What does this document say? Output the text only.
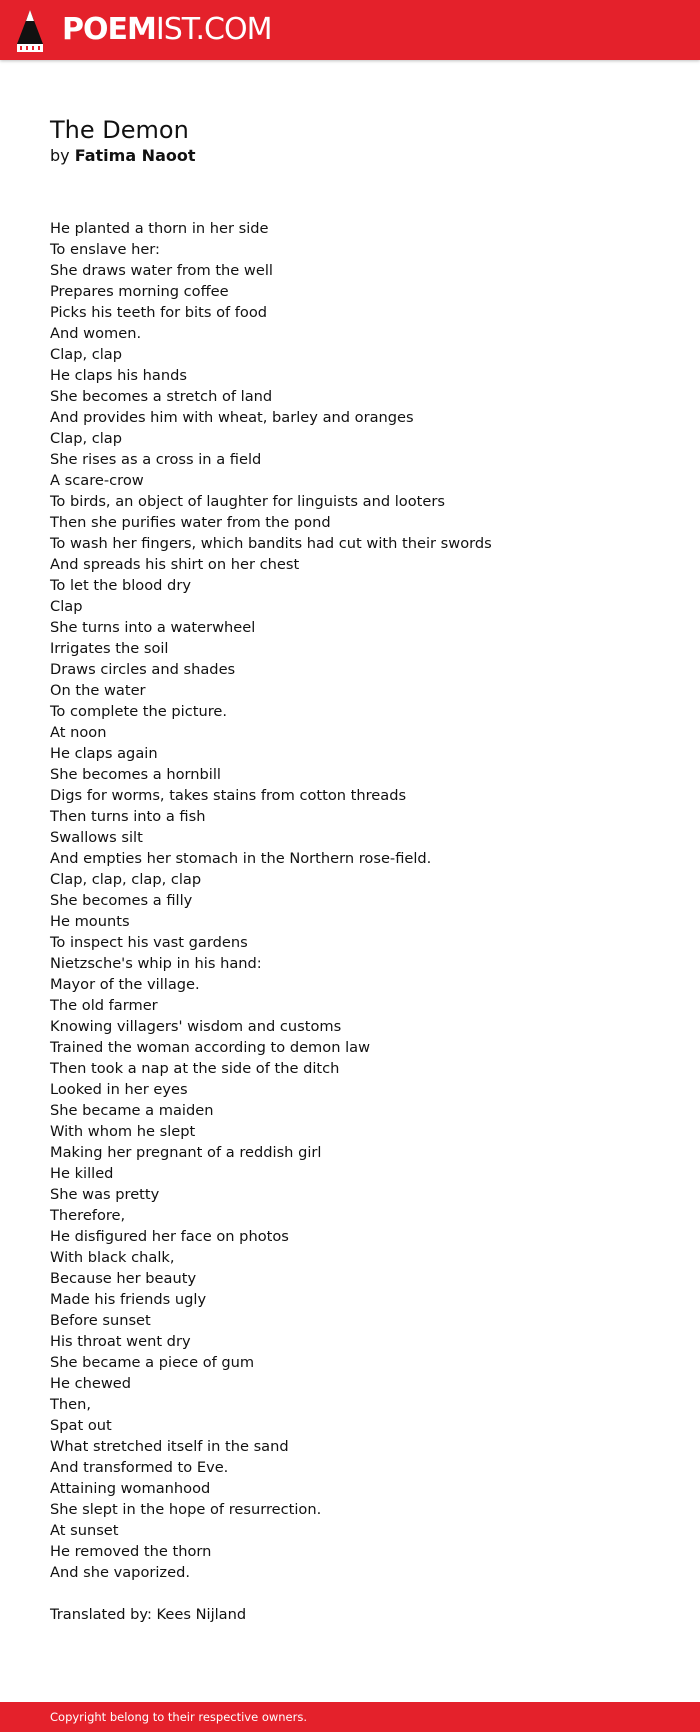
POEMIST.COM
The Demon
by Fatima Naoot
He planted a thorn in her side
To enslave her:
She draws water from the well
Prepares morning coffee
Picks his teeth for bits of food
And women.
Clap, clap
He claps his hands
She becomes a stretch of land
And provides him with wheat, barley and oranges
Clap, clap
She rises as a cross in a field
A scare-crow
To birds, an object of laughter for linguists and looters
Then she purifies water from the pond
To wash her fingers, which bandits had cut with their swords
And spreads his shirt on her chest
To let the blood dry
Clap
She turns into a waterwheel
Irrigates the soil
Draws circles and shades
On the water
To complete the picture.
At noon
He claps again
She becomes a hornbill
Digs for worms, takes stains from cotton threads
Then turns into a fish
Swallows silt
And empties her stomach in the Northern rose-field.
Clap, clap, clap, clap
She becomes a filly
He mounts
To inspect his vast gardens
Nietzsche's whip in his hand:
Mayor of the village.
The old farmer
Knowing villagers' wisdom and customs
Trained the woman according to demon law
Then took a nap at the side of the ditch
Looked in her eyes
She became a maiden
With whom he slept
Making her pregnant of a reddish girl
He killed
She was pretty
Therefore,
He disfigured her face on photos
With black chalk,
Because her beauty
Made his friends ugly
Before sunset
His throat went dry
She became a piece of gum
He chewed
Then,
Spat out
What stretched itself in the sand
And transformed to Eve.
Attaining womanhood
She slept in the hope of resurrection.
At sunset
He removed the thorn
And she vaporized.
Translated by: Kees Nijland
Copyright belong to their respective owners.
